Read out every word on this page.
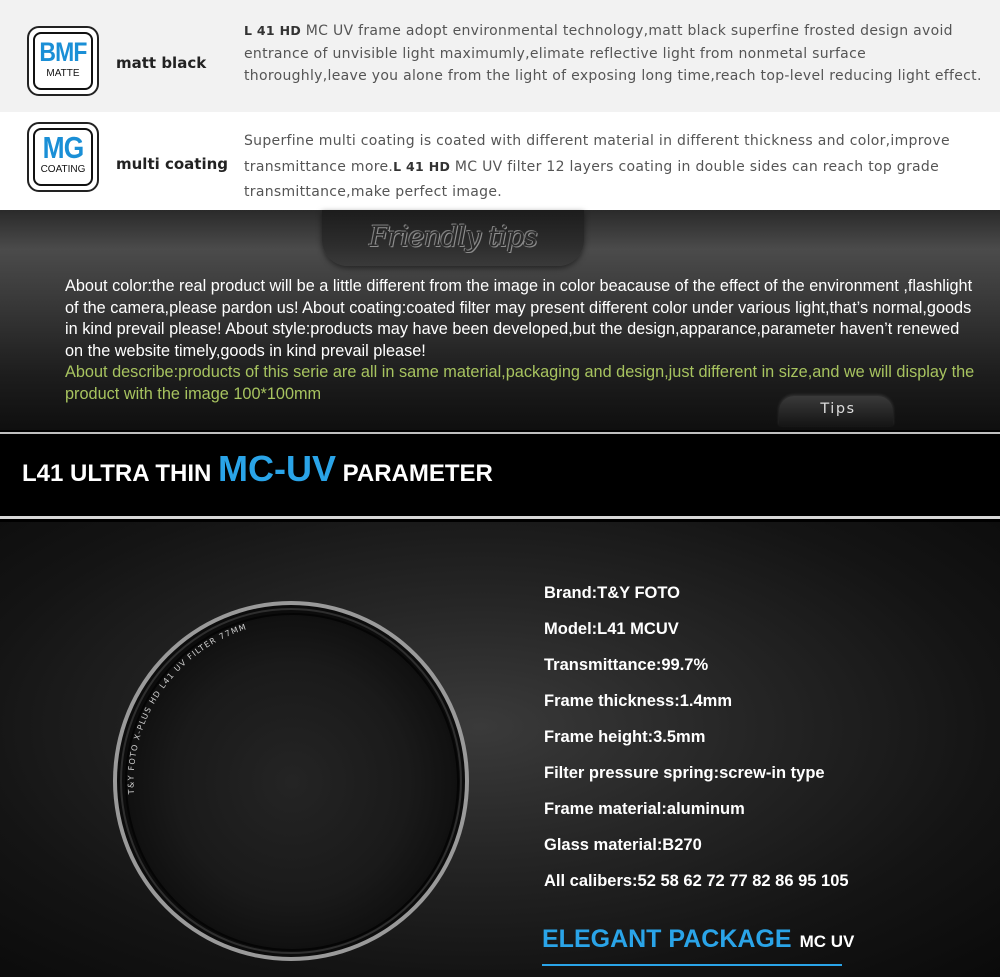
BMF
MATTE
matt black

L 41 HD MC UV frame adopt environmental technology,matt black superfine frosted design avoid entrance of unvisible light maximumly,elimate reflective light from nonmetal surface thoroughly,leave you alone from the light of exposing long time,reach top-level reducing light effect.

MG
COATING	multi coating

Superfine multi coating is coated with different material in different thickness and color,improve transmittance more.L 41 HD MC UV filter 12 layers coating in double sides can reach top grade transmittance,make perfect image.

Friendly tips

About color:the real product will be a little different from the image in color beacause of the effect of the environment ,flashlight of the camera,please pardon us! About coating:coated filter may present different color under various light,that’s normal,goods in kind prevail please! About style:products may have been developed,but the design,apparance,parameter haven’t renewed on the website timely,goods in kind prevail please!
About describe:products of this serie are all in same material,packaging and design,just different in size,and we will display the product with the image 100*100mm

Tips
L41 ULTRA THIN MC-UV PARAMETER
T&Y FOTO X-PLUS HD L41 UV FILTER 77MM
Brand:T&Y FOTO
Model:L41 MCUV
Transmittance:99.7%
Frame thickness:1.4mm
Frame height:3.5mm
Filter pressure spring:screw-in type
Frame material:aluminum
Glass material:B270
All calibers:52 58 62 72 77 82 86 95 105
ELEGANT PACKAGE MC UV
